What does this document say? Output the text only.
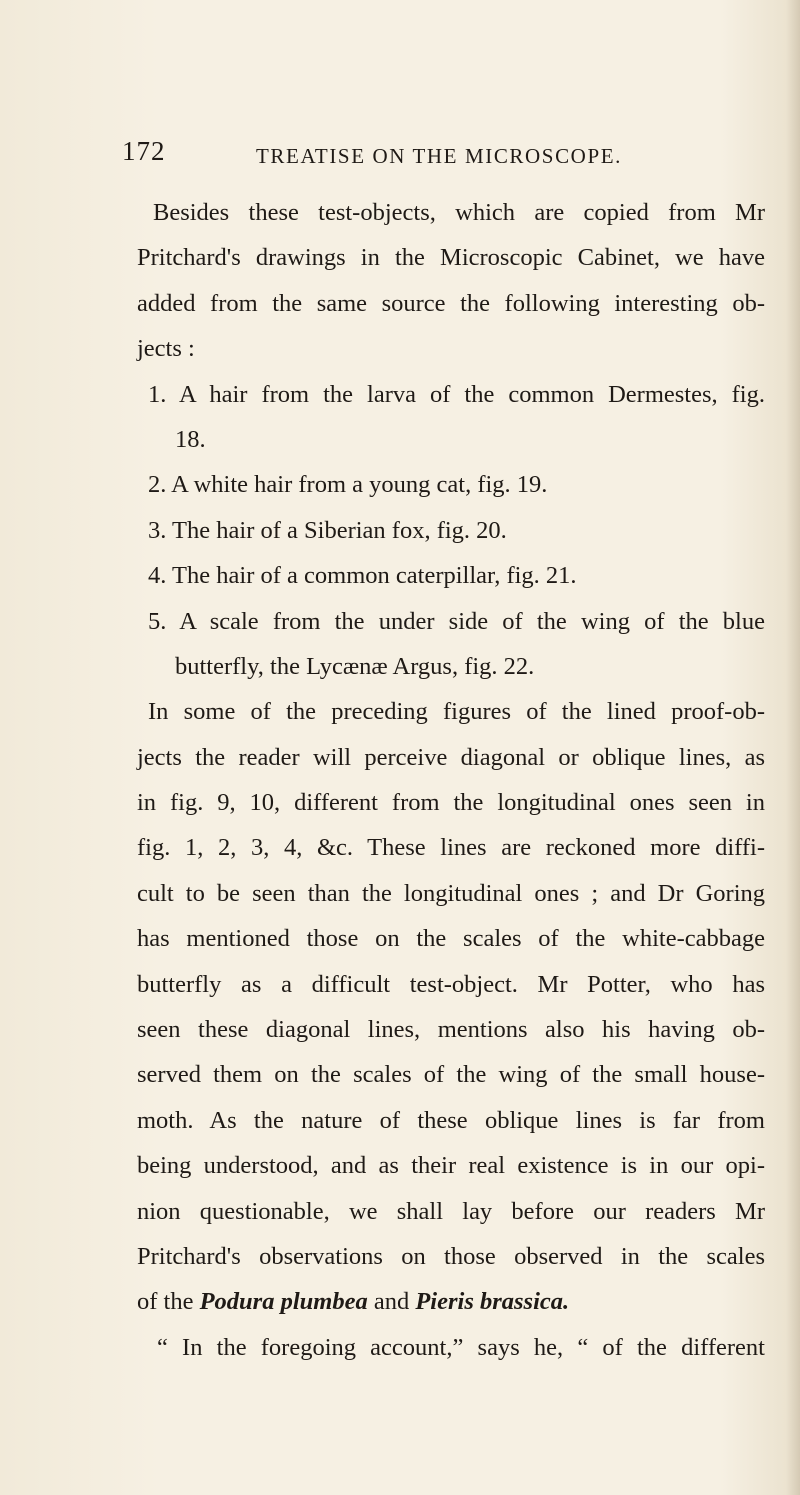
172	TREATISE ON THE MICROSCOPE.
Besides these test-objects, which are copied from Mr
Pritchard's drawings in the Microscopic Cabinet, we have
added from the same source the following interesting ob-
jects :
1. A hair from the larva of the common Dermestes, fig.
18.
2. A white hair from a young cat, fig. 19.
3. The hair of a Siberian fox, fig. 20.
4. The hair of a common caterpillar, fig. 21.
5. A scale from the under side of the wing of the blue
butterfly, the Lycænæ Argus, fig. 22.
In some of the preceding figures of the lined proof-ob-
jects the reader will perceive diagonal or oblique lines, as
in fig. 9, 10, different from the longitudinal ones seen in
fig. 1, 2, 3, 4, &c. These lines are reckoned more diffi-
cult to be seen than the longitudinal ones ; and Dr Goring
has mentioned those on the scales of the white-cabbage
butterfly as a difficult test-object. Mr Potter, who has
seen these diagonal lines, mentions also his having ob-
served them on the scales of the wing of the small house-
moth. As the nature of these oblique lines is far from
being understood, and as their real existence is in our opi-
nion questionable, we shall lay before our readers Mr
Pritchard's observations on those observed in the scales
of the Podura plumbea and Pieris brassica.
“ In the foregoing account,” says he, “ of the different
